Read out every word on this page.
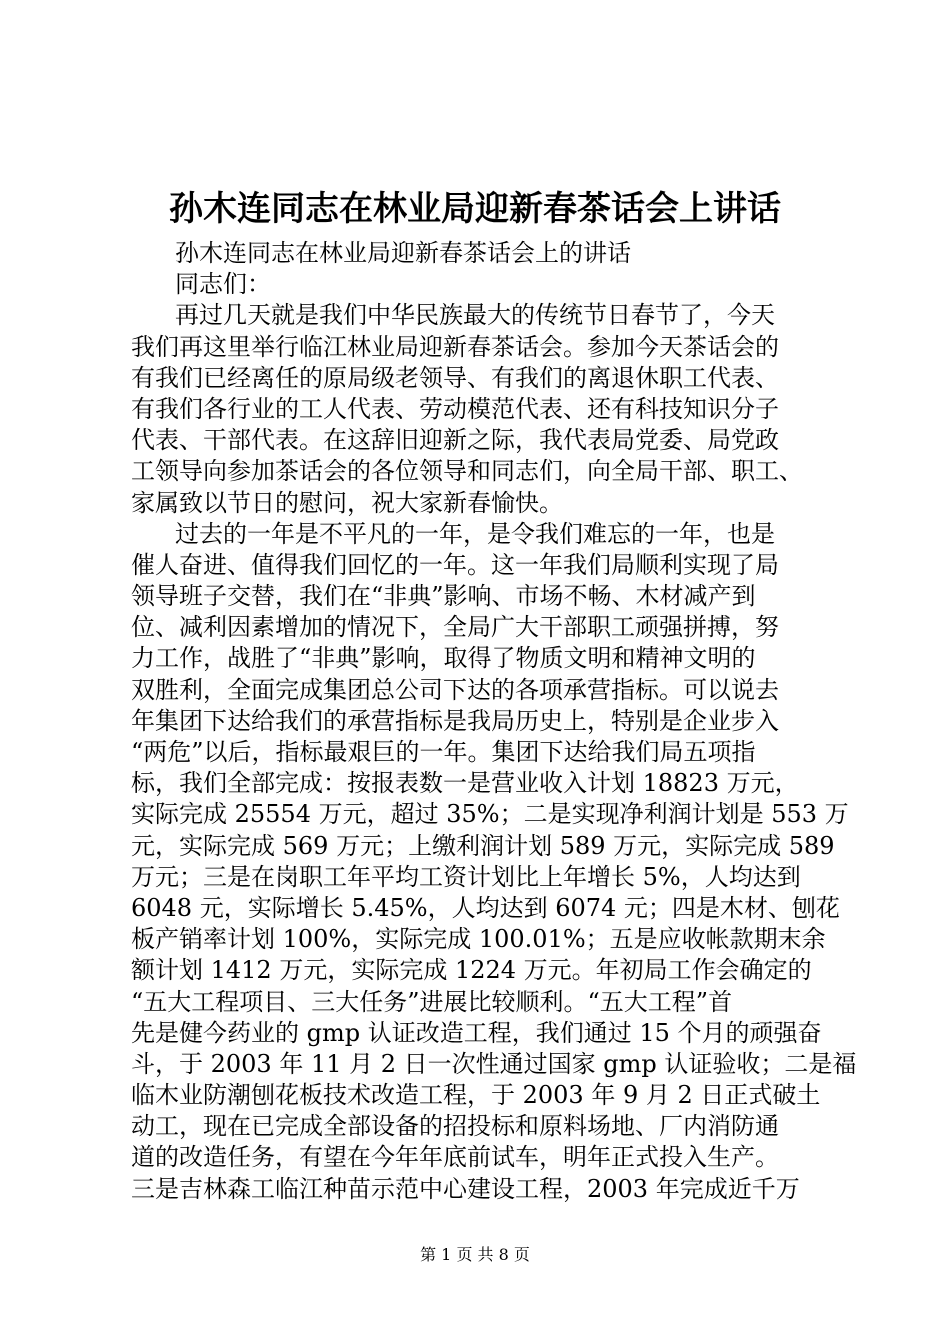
孙木连同志在林业局迎新春茶话会上讲话
孙木连同志在林业局迎新春茶话会上的讲话
同志们：
再过几天就是我们中华民族最大的传统节日春节了，今天
我们再这里举行临江林业局迎新春茶话会。参加今天茶话会的
有我们已经离任的原局级老领导、有我们的离退休职工代表、
有我们各行业的工人代表、劳动模范代表、还有科技知识分子
代表、干部代表。在这辞旧迎新之际，我代表局党委、局党政
工领导向参加茶话会的各位领导和同志们，向全局干部、职工、
家属致以节日的慰问，祝大家新春愉快。
过去的一年是不平凡的一年，是令我们难忘的一年，也是
催人奋进、值得我们回忆的一年。这一年我们局顺利实现了局
领导班子交替，我们在“非典”影响、市场不畅、木材减产到
位、减利因素增加的情况下，全局广大干部职工顽强拼搏，努
力工作，战胜了“非典”影响，取得了物质文明和精神文明的
双胜利，全面完成集团总公司下达的各项承营指标。可以说去
年集团下达给我们的承营指标是我局历史上，特别是企业步入
“两危”以后，指标最艰巨的一年。集团下达给我们局五项指
标，我们全部完成：按报表数一是营业收入计划 18823 万元，
实际完成 25554 万元，超过 35%；二是实现净利润计划是 553 万
元，实际完成 569 万元；上缴利润计划 589 万元，实际完成 589
万元；三是在岗职工年平均工资计划比上年增长 5%，人均达到
6048 元，实际增长 5.45%，人均达到 6074 元；四是木材、刨花
板产销率计划 100%，实际完成 100.01%；五是应收帐款期末余
额计划 1412 万元，实际完成 1224 万元。年初局工作会确定的
“五大工程项目、三大任务”进展比较顺利。“五大工程”首
先是健今药业的 gmp 认证改造工程，我们通过 15 个月的顽强奋
斗，于 2003 年 11 月 2 日一次性通过国家 gmp 认证验收；二是福
临木业防潮刨花板技术改造工程，于 2003 年 9 月 2 日正式破土
动工，现在已完成全部设备的招投标和原料场地、厂内消防通
道的改造任务，有望在今年年底前试车，明年正式投入生产。
三是吉林森工临江种苗示范中心建设工程，2003 年完成近千万
第 1 页 共 8 页
